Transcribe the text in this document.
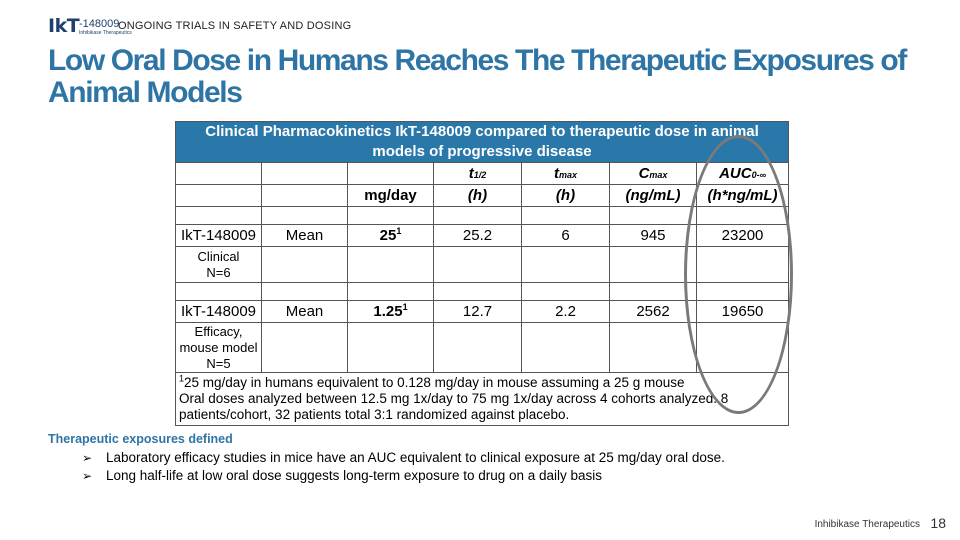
IkT -148009
Inhibikase Therapeutics
ONGOING TRIALS IN SAFETY AND DOSING
Low Oral Dose in Humans Reaches The Therapeutic Exposures of Animal Models
Clinical Pharmacokinetics IkT-148009 compared to therapeutic dose in animal models of progressive disease						
			t1/2	tmax	Cmax	AUC0-∞
		mg/day	(h)	(h)	(ng/mL)	(h*ng/mL)

IkT-148009	Mean	$25^1$	25.2	6	945	23200
Clinical
N=6						

IkT-148009	Mean	1.25$^1$	12.7	2.2	2562	19650
Efficacy,
mouse model
N=5						

$^1$25 mg/day in humans equivalent to 0.128 mg/day in mouse assuming a 25 g mouse
Oral doses analyzed between 12.5 mg 1x/day to 75 mg 1x/day across 4 cohorts analyzed. 8
patients/cohort, 32 patients total 3:1 randomized against placebo.						
Therapeutic exposures defined
➢ Laboratory efficacy studies in mice have an AUC equivalent to clinical exposure at 25 mg/day oral dose.
➢ Long half-life at low oral dose suggests long-term exposure to drug on a daily basis
Inhibikase Therapeutics 18
